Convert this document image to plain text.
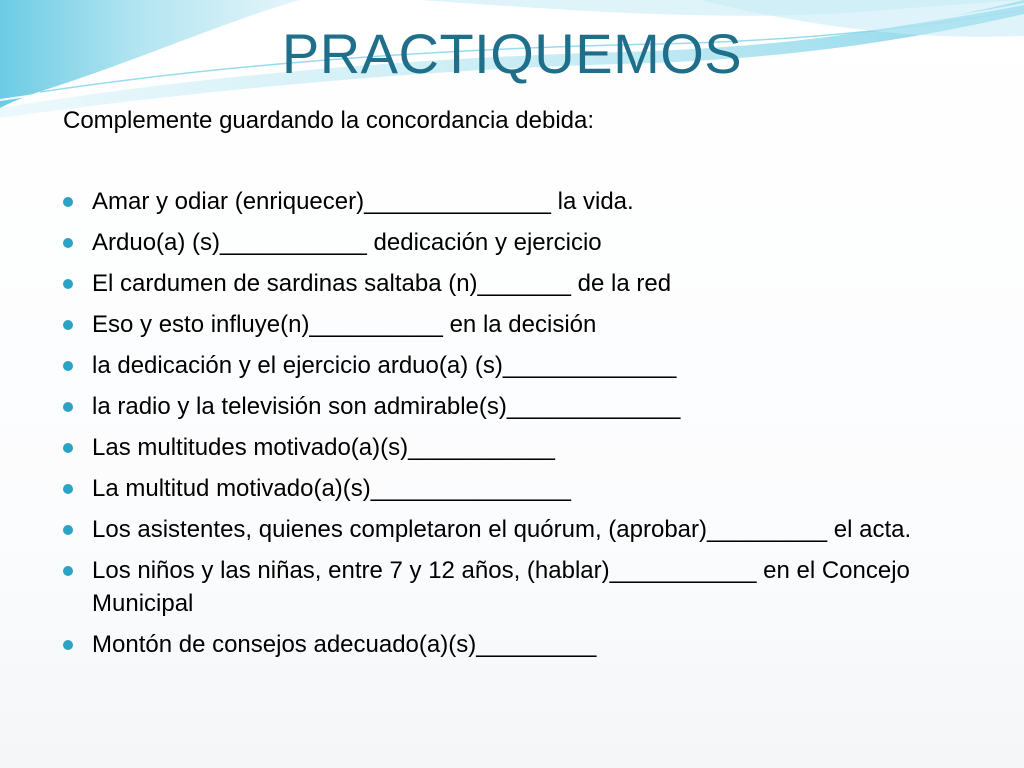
PRACTIQUEMOS

Complemente guardando la concordancia debida:

Amar y odiar (enriquecer)______________ la vida.
Arduo(a) (s)___________ dedicación y ejercicio
El cardumen de sardinas saltaba (n)_______ de la red
Eso y esto influye(n)__________ en la decisión
la dedicación y el ejercicio arduo(a) (s)_____________
la radio y la televisión son admirable(s)_____________
Las multitudes motivado(a)(s)___________
La multitud motivado(a)(s)_______________
Los asistentes, quienes completaron el quórum, (aprobar)_________ el acta.
Los niños y las niñas, entre 7 y 12 años, (hablar)___________ en el Concejo Municipal
Montón de consejos adecuado(a)(s)_________
